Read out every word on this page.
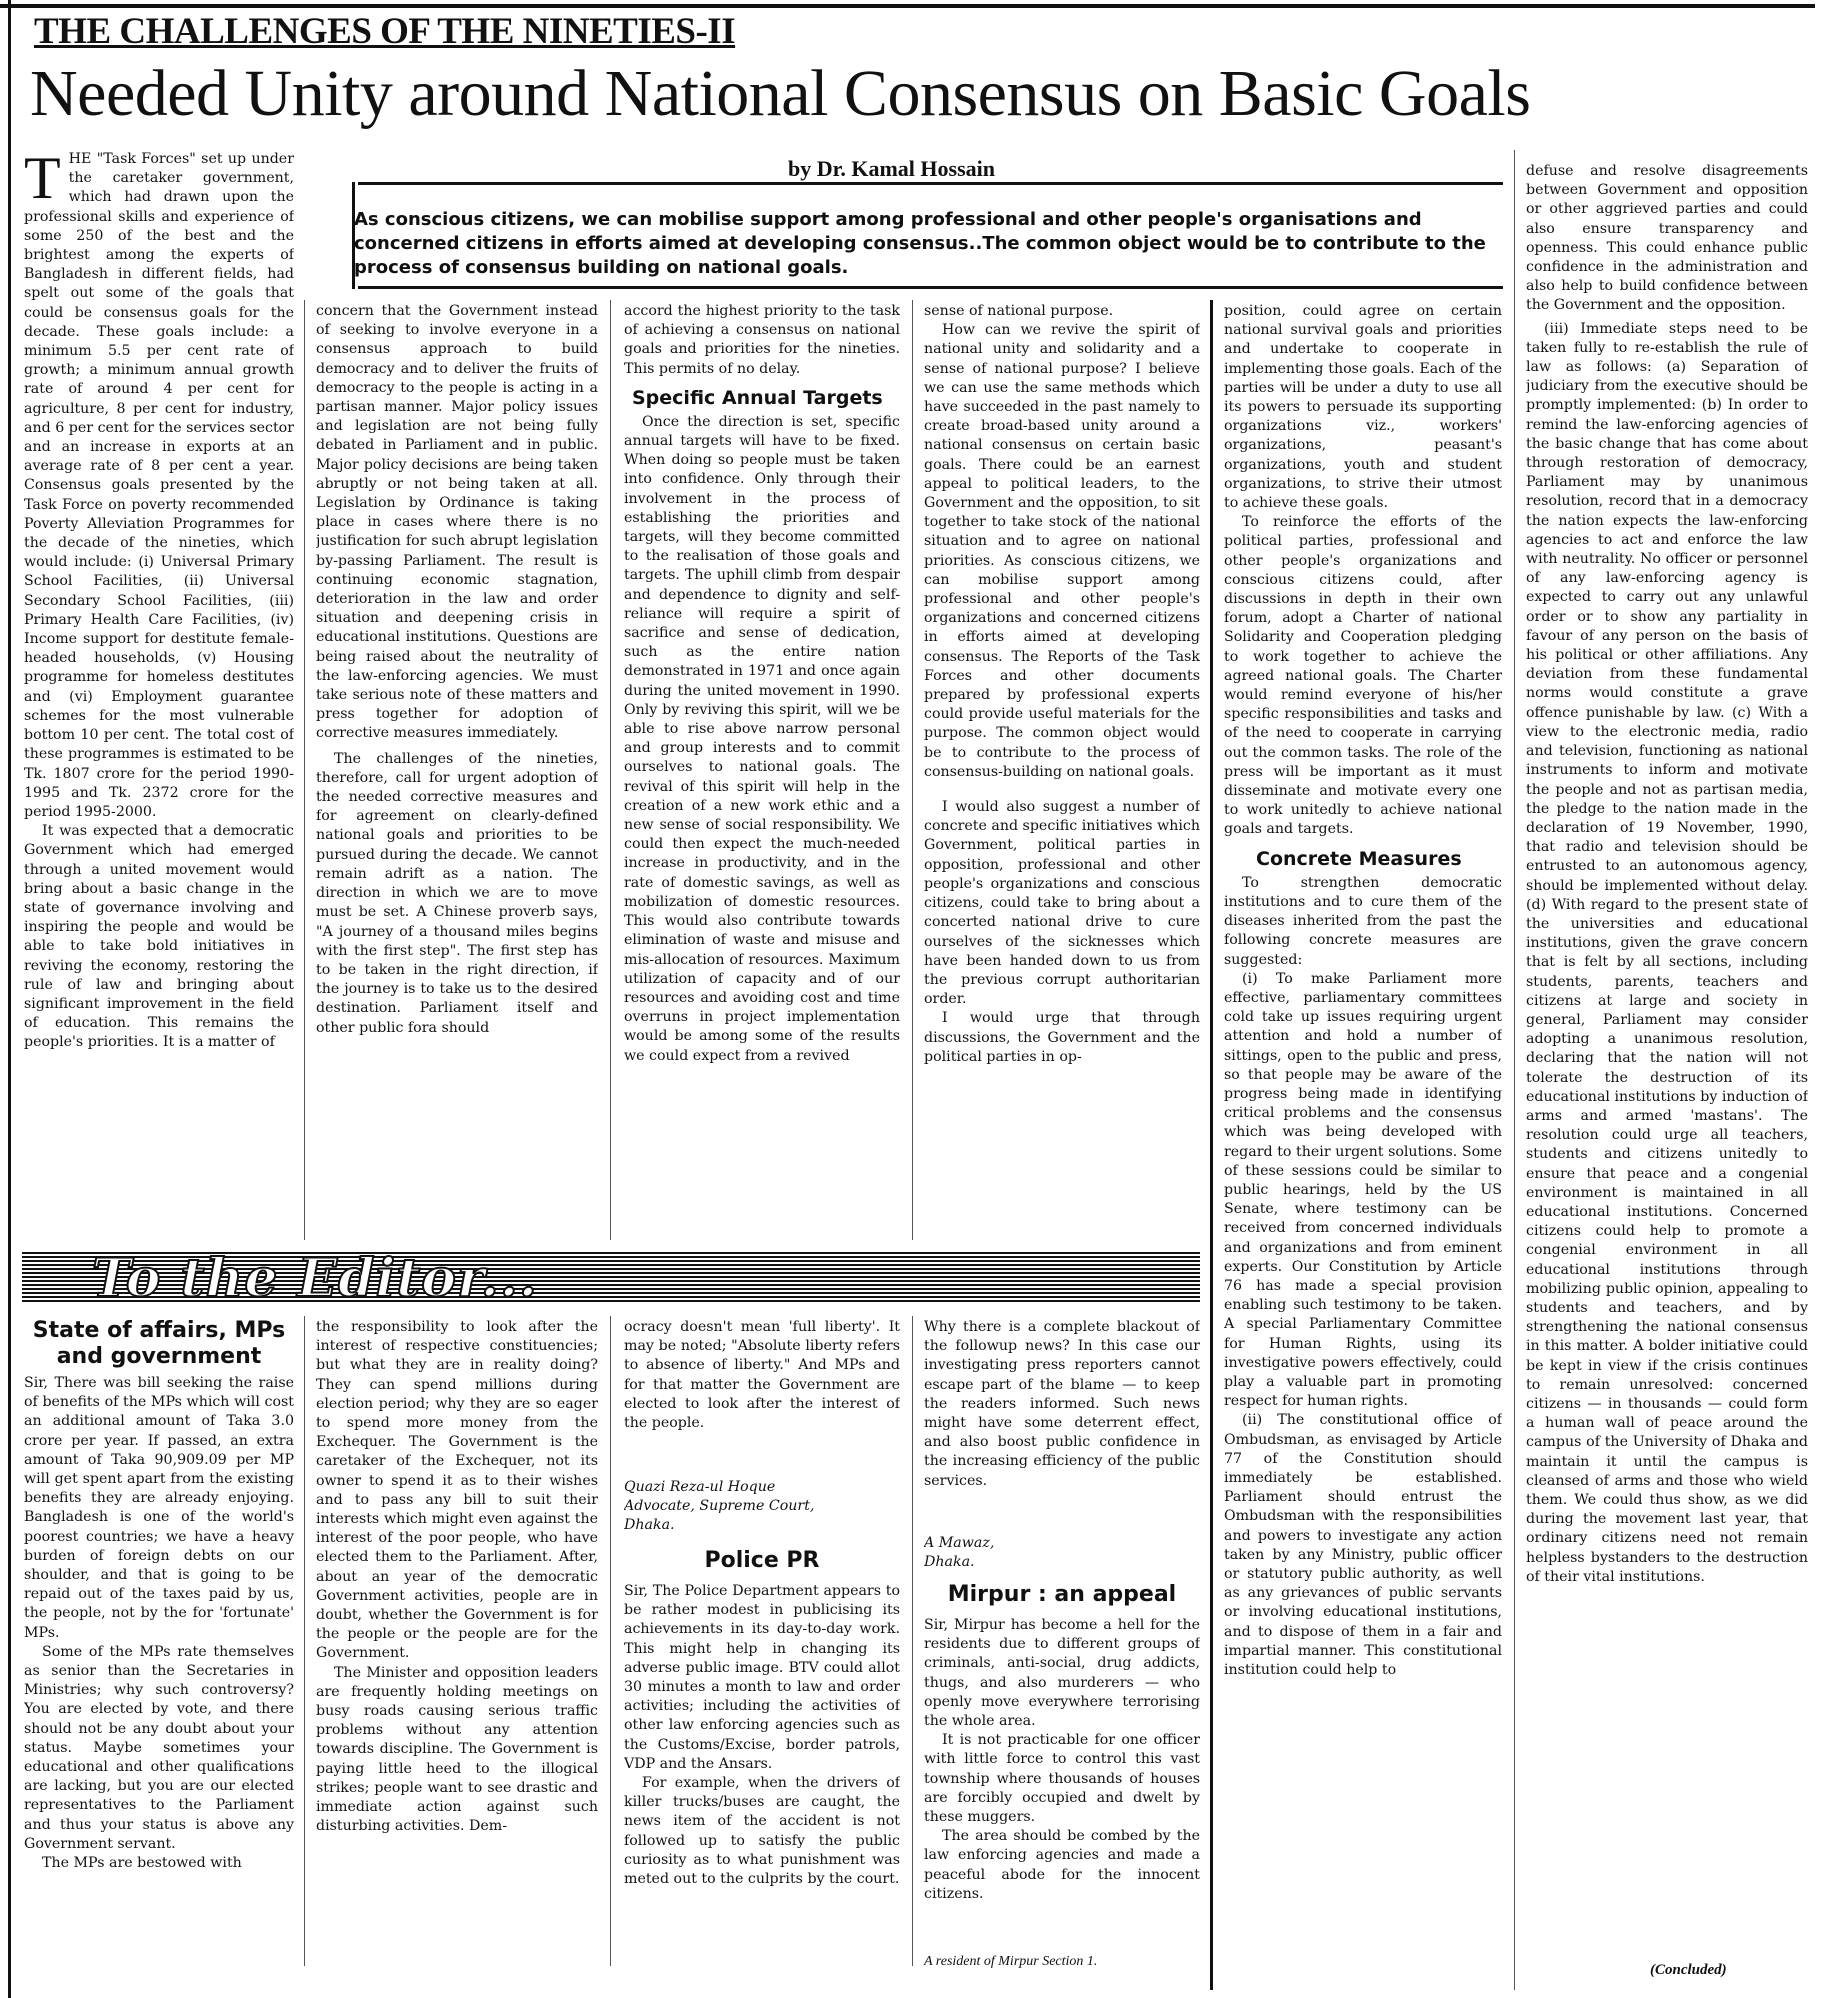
THE CHALLENGES OF THE NINETIES-II
Needed Unity around National Consensus on Basic Goals
by Dr. Kamal Hossain
As conscious citizens, we can mobilise support among professional and other people's organisations and concerned citizens in efforts aimed at developing consensus..The common object would be to contribute to the process of consensus building on national goals.
T HE "Task Forces" set up under the caretaker government, which had drawn upon the professional skills and experience of some 250 of the best and the brightest among the experts of Bangladesh in different fields, had spelt out some of the goals that could be consensus goals for the decade. These goals include: a minimum 5.5 per cent rate of growth; a minimum annual growth rate of around 4 per cent for agriculture, 8 per cent for industry, and 6 per cent for the services sector and an increase in exports at an average rate of 8 per cent a year. Consensus goals presented by the Task Force on poverty recommended Poverty Alleviation Programmes for the decade of the nineties, which would include: (i) Universal Primary School Facilities, (ii) Universal Secondary School Facilities, (iii) Primary Health Care Facilities, (iv) Income support for destitute female-headed households, (v) Housing programme for homeless destitutes and (vi) Employment guarantee schemes for the most vulnerable bottom 10 per cent. The total cost of these programmes is estimated to be Tk. 1807 crore for the period 1990-1995 and Tk. 2372 crore for the period 1995-2000.

It was expected that a democratic Government which had emerged through a united movement would bring about a basic change in the state of governance involving and inspiring the people and would be able to take bold initiatives in reviving the economy, restoring the rule of law and bringing about significant improvement in the field of education. This remains the people's priorities. It is a matter of

concern that the Government instead of seeking to involve everyone in a consensus approach to build democracy and to deliver the fruits of democracy to the people is acting in a partisan manner. Major policy issues and legislation are not being fully debated in Parliament and in public. Major policy decisions are being taken abruptly or not being taken at all. Legislation by Ordinance is taking place in cases where there is no justification for such abrupt legislation by-passing Parliament. The result is continuing economic stagnation, deterioration in the law and order situation and deepening crisis in educational institutions. Questions are being raised about the neutrality of the law-enforcing agencies. We must take serious note of these matters and press together for adoption of corrective measures immediately.

The challenges of the nineties, therefore, call for urgent adoption of the needed corrective measures and for agreement on clearly-defined national goals and priorities to be pursued during the decade. We cannot remain adrift as a nation. The direction in which we are to move must be set. A Chinese proverb says, "A journey of a thousand miles begins with the first step". The first step has to be taken in the right direction, if the journey is to take us to the desired destination. Parliament itself and other public fora should

accord the highest priority to the task of achieving a consensus on national goals and priorities for the nineties. This permits of no delay.

Specific Annual Targets

Once the direction is set, specific annual targets will have to be fixed. When doing so people must be taken into confidence. Only through their involvement in the process of establishing the priorities and targets, will they become committed to the realisation of those goals and targets. The uphill climb from despair and dependence to dignity and self-reliance will require a spirit of sacrifice and sense of dedication, such as the entire nation demonstrated in 1971 and once again during the united movement in 1990. Only by reviving this spirit, will we be able to rise above narrow personal and group interests and to commit ourselves to national goals. The revival of this spirit will help in the creation of a new work ethic and a new sense of social responsibility. We could then expect the much-needed increase in productivity, and in the rate of domestic savings, as well as mobilization of domestic resources. This would also contribute towards elimination of waste and misuse and mis-allocation of resources. Maximum utilization of capacity and of our resources and avoiding cost and time overruns in project implementation would be among some of the results we could expect from a revived

sense of national purpose.

How can we revive the spirit of national unity and solidarity and a sense of national purpose? I believe we can use the same methods which have succeeded in the past namely to create broad-based unity around a national consensus on certain basic goals. There could be an earnest appeal to political leaders, to the Government and the opposition, to sit together to take stock of the national situation and to agree on national priorities. As conscious citizens, we can mobilise support among professional and other people's organizations and concerned citizens in efforts aimed at developing consensus. The Reports of the Task Forces and other documents prepared by professional experts could provide useful materials for the purpose. The common object would be to contribute to the process of consensus-building on national goals.

I would also suggest a number of concrete and specific initiatives which Government, political parties in opposition, professional and other people's organizations and conscious citizens, could take to bring about a concerted national drive to cure ourselves of the sicknesses which have been handed down to us from the previous corrupt authoritarian order.

I would urge that through discussions, the Government and the political parties in op-

position, could agree on certain national survival goals and priorities and undertake to cooperate in implementing those goals. Each of the parties will be under a duty to use all its powers to persuade its supporting organizations viz., workers' organizations, peasant's organizations, youth and student organizations, to strive their utmost to achieve these goals.

To reinforce the efforts of the political parties, professional and other people's organizations and conscious citizens could, after discussions in depth in their own forum, adopt a Charter of national Solidarity and Cooperation pledging to work together to achieve the agreed national goals. The Charter would remind everyone of his/her specific responsibilities and tasks and of the need to cooperate in carrying out the common tasks. The role of the press will be important as it must disseminate and motivate every one to work unitedly to achieve national goals and targets.

Concrete Measures

To strengthen democratic institutions and to cure them of the diseases inherited from the past the following concrete measures are suggested:

(i) To make Parliament more effective, parliamentary committees cold take up issues requiring urgent attention and hold a number of sittings, open to the public and press, so that people may be aware of the progress being made in identifying critical problems and the consensus which was being developed with regard to their urgent solutions. Some of these sessions could be similar to public hearings, held by the US Senate, where testimony can be received from concerned individuals and organizations and from eminent experts. Our Constitution by Article 76 has made a special provision enabling such testimony to be taken. A special Parliamentary Committee for Human Rights, using its investigative powers effectively, could play a valuable part in promoting respect for human rights.

(ii) The constitutional office of Ombudsman, as envisaged by Article 77 of the Constitution should immediately be established. Parliament should entrust the Ombudsman with the responsibilities and powers to investigate any action taken by any Ministry, public officer or statutory public authority, as well as any grievances of public servants or involving educational institutions, and to dispose of them in a fair and impartial manner. This constitutional institution could help to

defuse and resolve disagreements between Government and opposition or other aggrieved parties and could also ensure transparency and openness. This could enhance public confidence in the administration and also help to build confidence between the Government and the opposition.

(iii) Immediate steps need to be taken fully to re-establish the rule of law as follows: (a) Separation of judiciary from the executive should be promptly implemented: (b) In order to remind the law-enforcing agencies of the basic change that has come about through restoration of democracy, Parliament may by unanimous resolution, record that in a democracy the nation expects the law-enforcing agencies to act and enforce the law with neutrality. No officer or personnel of any law-enforcing agency is expected to carry out any unlawful order or to show any partiality in favour of any person on the basis of his political or other affiliations. Any deviation from these fundamental norms would constitute a grave offence punishable by law. (c) With a view to the electronic media, radio and television, functioning as national instruments to inform and motivate the people and not as partisan media, the pledge to the nation made in the declaration of 19 November, 1990, that radio and television should be entrusted to an autonomous agency, should be implemented without delay. (d) With regard to the present state of the universities and educational institutions, given the grave concern that is felt by all sections, including students, parents, teachers and citizens at large and society in general, Parliament may consider adopting a unanimous resolution, declaring that the nation will not tolerate the destruction of its educational institutions by induction of arms and armed 'mastans'. The resolution could urge all teachers, students and citizens unitedly to ensure that peace and a congenial environment is maintained in all educational institutions. Concerned citizens could help to promote a congenial environment in all educational institutions through mobilizing public opinion, appealing to students and teachers, and by strengthening the national consensus in this matter. A bolder initiative could be kept in view if the crisis continues to remain unresolved: concerned citizens — in thousands — could form a human wall of peace around the campus of the University of Dhaka and maintain it until the campus is cleansed of arms and those who wield them. We could thus show, as we did during the movement last year, that ordinary citizens need not remain helpless bystanders to the destruction of their vital institutions.

(Concluded)
To the Editor...
State of affairs, MPs and government

Sir, There was bill seeking the raise of benefits of the MPs which will cost an additional amount of Taka 3.0 crore per year. If passed, an extra amount of Taka 90,909.09 per MP will get spent apart from the existing benefits they are already enjoying. Bangladesh is one of the world's poorest countries; we have a heavy burden of foreign debts on our shoulder, and that is going to be repaid out of the taxes paid by us, the people, not by the for 'fortunate' MPs.

Some of the MPs rate themselves as senior than the Secretaries in Ministries; why such controversy? You are elected by vote, and there should not be any doubt about your status. Maybe sometimes your educational and other qualifications are lacking, but you are our elected representatives to the Parliament and thus your status is above any Government servant.

The MPs are bestowed with

the responsibility to look after the interest of respective constituencies; but what they are in reality doing? They can spend millions during election period; why they are so eager to spend more money from the Exchequer. The Government is the caretaker of the Exchequer, not its owner to spend it as to their wishes and to pass any bill to suit their interests which might even against the interest of the poor people, who have elected them to the Parliament. After, about an year of the democratic Government activities, people are in doubt, whether the Government is for the people or the people are for the Government.

The Minister and opposition leaders are frequently holding meetings on busy roads causing serious traffic problems without any attention towards discipline. The Government is paying little heed to the illogical strikes; people want to see drastic and immediate action against such disturbing activities. Dem-

ocracy doesn't mean 'full liberty'. It may be noted; "Absolute liberty refers to absence of liberty." And MPs and for that matter the Government are elected to look after the interest of the people.

Quazi Reza-ul Hoque
Advocate, Supreme Court,
Dhaka.
Police PR

Sir, The Police Department appears to be rather modest in publicising its achievements in its day-to-day work. This might help in changing its adverse public image. BTV could allot 30 minutes a month to law and order activities; including the activities of other law enforcing agencies such as the Customs/Excise, border patrols, VDP and the Ansars.

For example, when the drivers of killer trucks/buses are caught, the news item of the accident is not followed up to satisfy the public curiosity as to what punishment was meted out to the culprits by the court.

Why there is a complete blackout of the followup news? In this case our investigating press reporters cannot escape part of the blame — to keep the readers informed. Such news might have some deterrent effect, and also boost public confidence in the increasing efficiency of the public services.

A Mawaz,
Dhaka.
Mirpur : an appeal

Sir, Mirpur has become a hell for the residents due to different groups of criminals, anti-social, drug addicts, thugs, and also murderers — who openly move everywhere terrorising the whole area.

It is not practicable for one officer with little force to control this vast township where thousands of houses are forcibly occupied and dwelt by these muggers.

The area should be combed by the law enforcing agencies and made a peaceful abode for the innocent citizens.

A resident of Mirpur Section 1.
